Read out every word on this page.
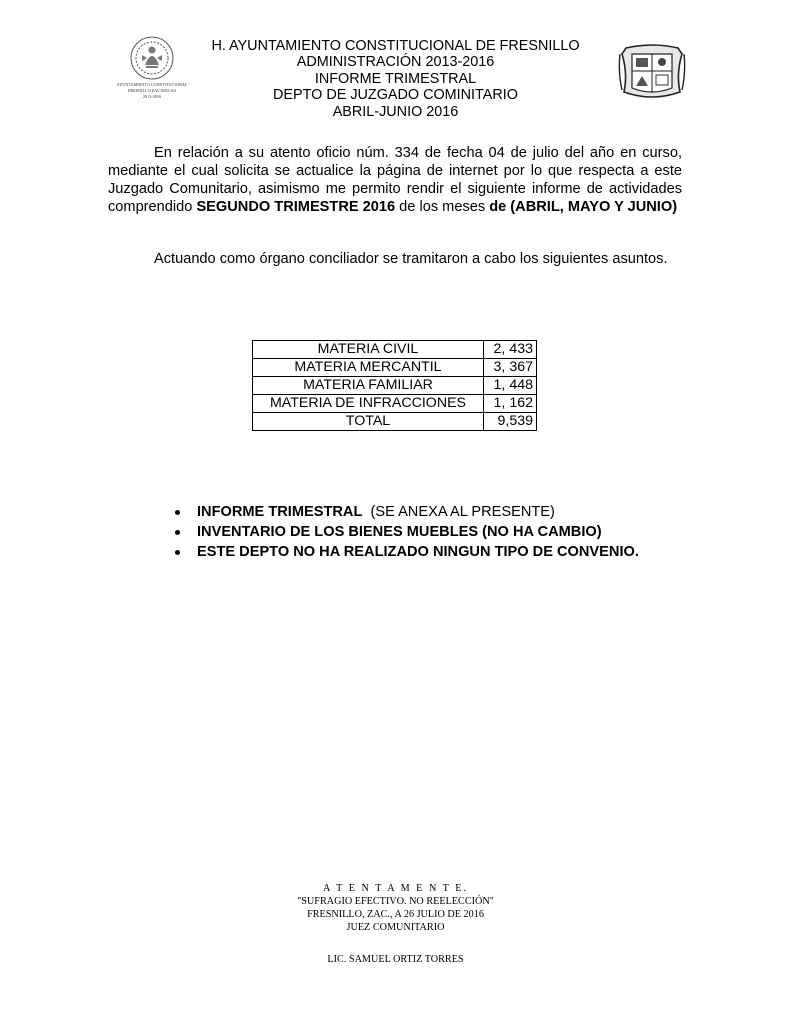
AYUNTAMIENTO CONSTITUCIONAL
FRESNILLO ZACATECAS
2013-2016
H. AYUNTAMIENTO CONSTITUCIONAL DE FRESNILLO
ADMINISTRACIÓN 2013-2016
INFORME TRIMESTRAL
DEPTO DE JUZGADO COMINITARIO
ABRIL-JUNIO 2016
En relación a su atento oficio núm. 334 de fecha 04 de julio del año en curso, mediante el cual solicita se actualice la página de internet por lo que respecta a este Juzgado Comunitario, asimismo me permito rendir el siguiente informe de actividades comprendido SEGUNDO TRIMESTRE 2016 de los meses de (ABRIL, MAYO Y JUNIO)
Actuando como órgano conciliador se tramitaron a cabo los siguientes asuntos.
MATERIA CIVIL	2, 433
MATERIA MERCANTIL	3, 367
MATERIA FAMILIAR	1, 448
MATERIA DE INFRACCIONES	1, 162
TOTAL	9,539
INFORME TRIMESTRAL (SE ANEXA AL PRESENTE)
INVENTARIO DE LOS BIENES MUEBLES (NO HA CAMBIO)
ESTE DEPTO NO HA REALIZADO NINGUN TIPO DE CONVENIO.
A T E N T A M E N T E.
"SUFRAGIO EFECTIVO. NO REELECCIÓN"
FRESNILLO, ZAC., A 26 JULIO DE 2016
JUEZ COMUNITARIO
LIC. SAMUEL ORTIZ TORRES
